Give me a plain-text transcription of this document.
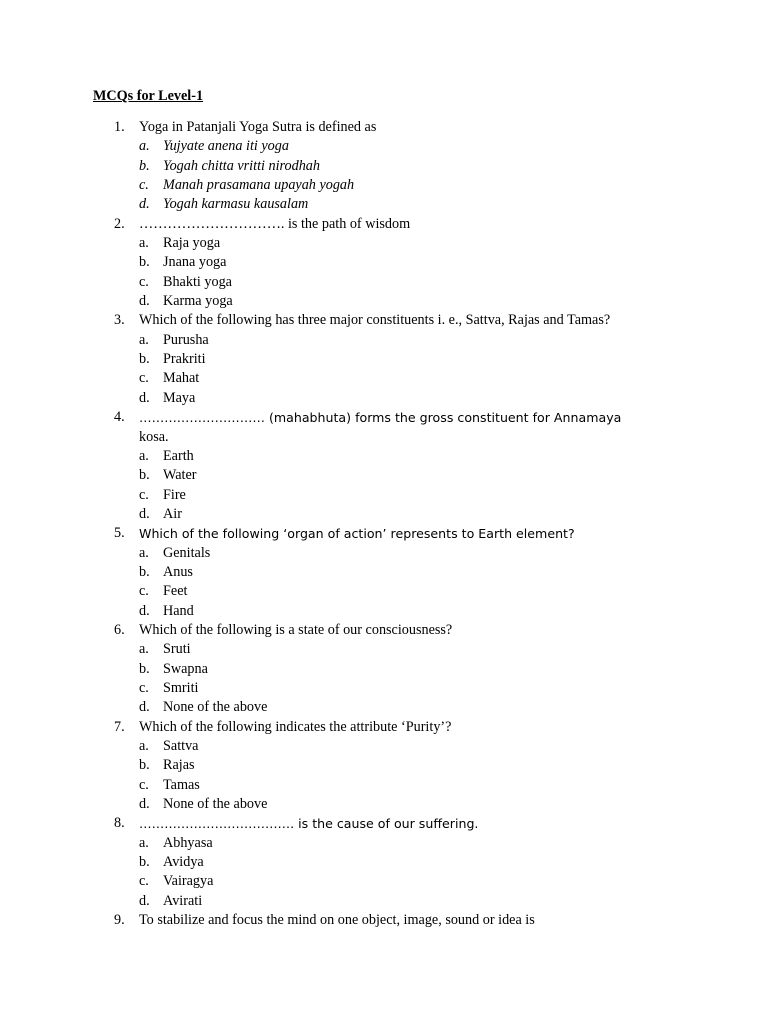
MCQs for Level-1

1.	Yoga in Patanjali Yoga Sutra is defined as
a. Yujyate anena iti yoga
b. Yogah chitta vritti nirodhah
c. Manah prasamana upayah yogah
d. Yogah karmasu kausalam
2.	…………………………. is the path of wisdom
a. Raja yoga
b. Jnana yoga
c. Bhakti yoga
d. Karma yoga
3.	Which of the following has three major constituents i. e., Sattva, Rajas and Tamas?
a. Purusha
b. Prakriti
c. Mahat
d. Maya
4.	………………………… (mahabhuta) forms the gross constituent for Annamaya
kosa.
a. Earth
b. Water
c. Fire
d. Air
5.	Which of the following ‘organ of action’ represents to Earth element?
a. Genitals
b. Anus
c. Feet
d. Hand
6.	Which of the following is a state of our consciousness?
a. Sruti
b. Swapna
c. Smriti
d. None of the above
7.	Which of the following indicates the attribute ‘Purity’?
a. Sattva
b. Rajas
c. Tamas
d. None of the above
8.	………………………………. is the cause of our suffering.
a. Abhyasa
b. Avidya
c. Vairagya
d. Avirati
9.	To stabilize and focus the mind on one object, image, sound or idea is
